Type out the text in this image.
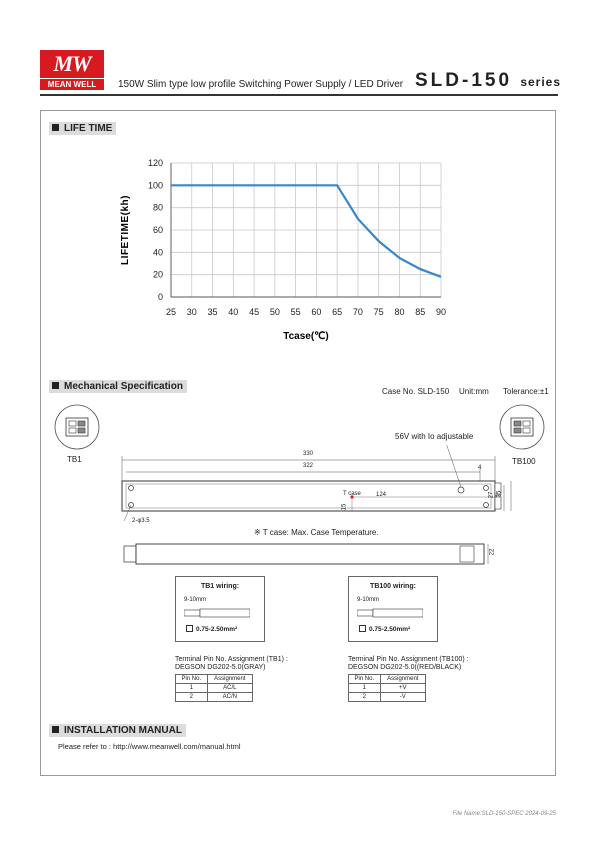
MW
MEAN WELL	150W Slim type low profile Switching Power Supply / LED Driver SLD-150 series
LIFE TIME
0
20
40
60
80
100
120
25 30 35 40 45 50 55 60 65 70 75 80 85 90
LIFETIME(kh)
Tcase(℃)
Mechanical Specification	Case No. SLD-150 Unit:mm Tolerance:±1
TB1	TB100
56V with Io adjustable
330
322	4
27 35
T case	124
15
2-φ3.5
※ T case: Max. Case Temperature.
22
TB1 wiring:
9-10mm
0.75-2.50mm²
TB100 wiring:
9-10mm
0.75-2.50mm²
Terminal Pin No. Assignment (TB1) :
DEGSON DG202-5.0(GRAY)
Pin No.	Assignment
1	AC/L
2	AC/N
Terminal Pin No. Assignment (TB100) :
DEGSON DG202-5.0((RED/BLACK)
Pin No.	Assignment
1	+V
2	-V
INSTALLATION MANUAL
Please refer to : http://www.meanwell.com/manual.html
File Name:SLD-150-SPEC 2024-09-25
